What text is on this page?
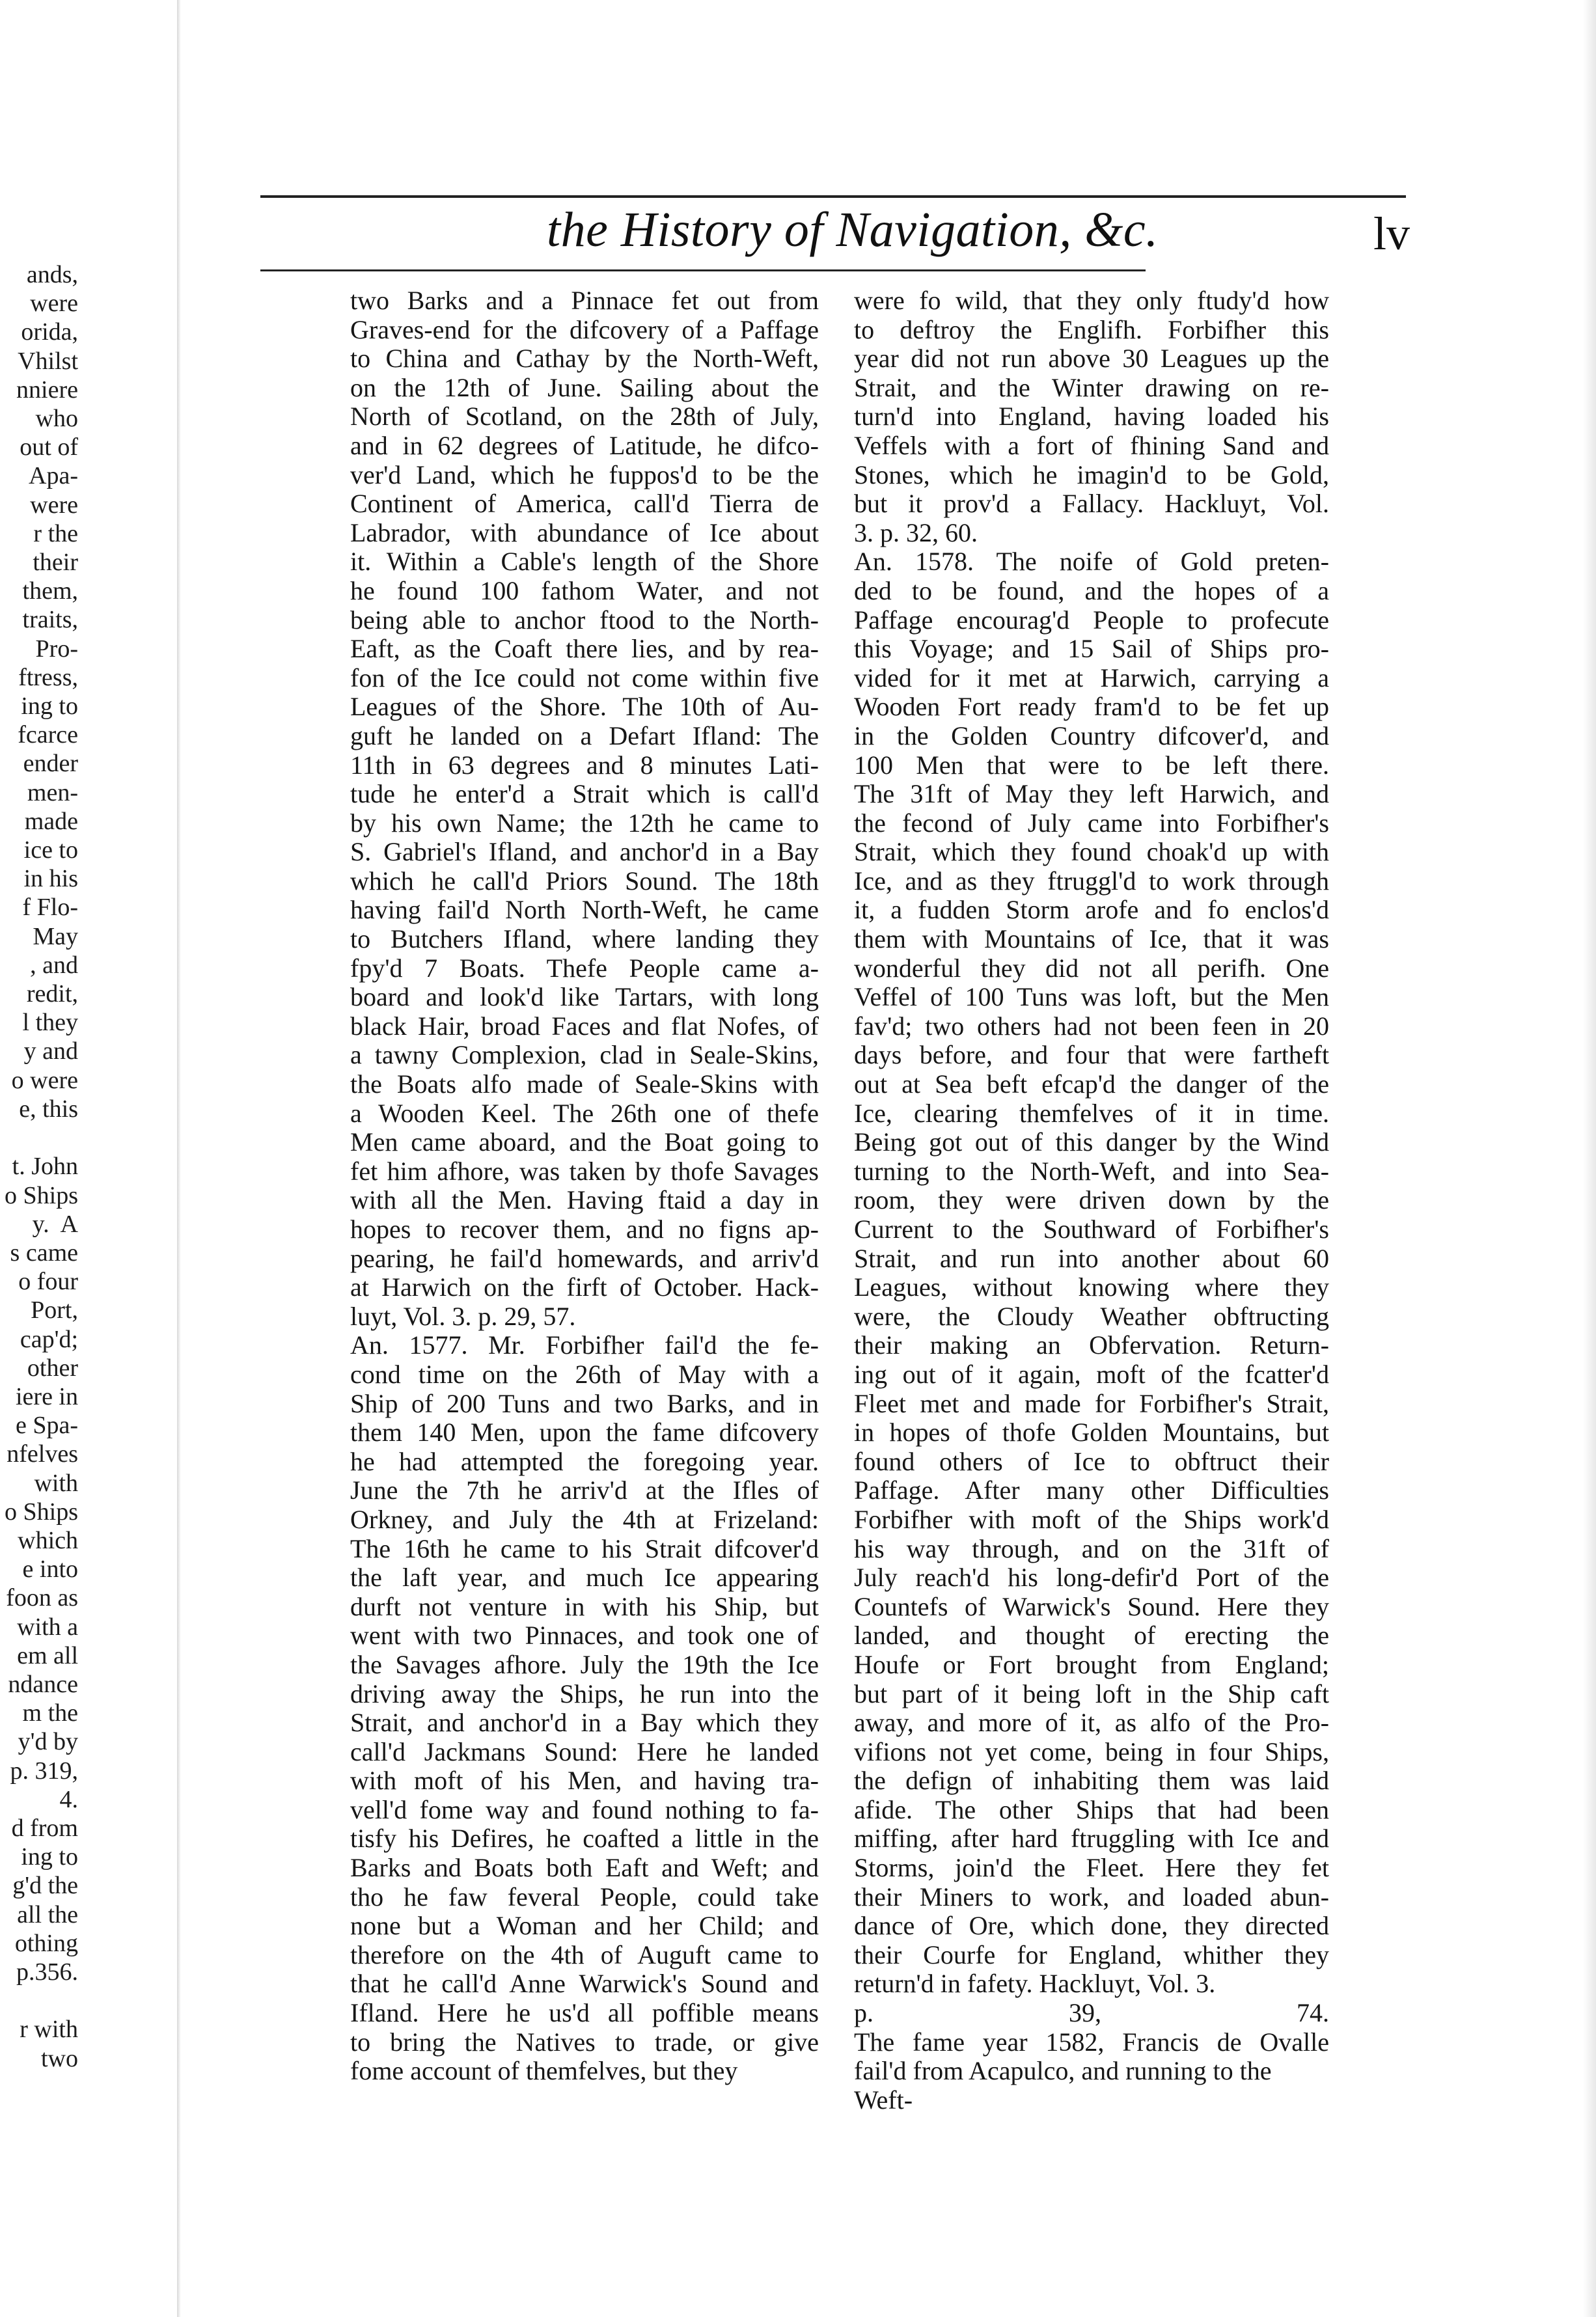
ands,
were
orida,
Vhilst
nniere
who
out of
Apa-
were
r the
their
them,
traits,
Pro-
ftress,
ing to
fcarce
ender
men-
made
ice to
in his
f Flo-
May
, and
redit,
l they
y and
o were
e, this

t. John
o Ships
y.  A
s came
o four
Port,
cap'd;
other
iere in
e Spa-
nfelves
with
o Ships
which
e into
foon as
with a
em all
ndance
m the
y'd by
p. 319,
4.
d from
ing to
g'd the
all the
othing
p.356.

r with
two
the History of Navigation, &c.	lv
two Barks and a Pinnace fet out from
Graves-end for the difcovery of a Paffage
to China and Cathay by the North-Weft,
on the 12th of June. Sailing about the
North of Scotland, on the 28th of July,
and in 62 degrees of Latitude, he difco-
ver'd Land, which he fuppos'd to be the
Continent of America, call'd Tierra de
Labrador, with abundance of Ice about
it. Within a Cable's length of the Shore
he found 100 fathom Water, and not
being able to anchor ftood to the North-
Eaft, as the Coaft there lies, and by rea-
fon of the Ice could not come within five
Leagues of the Shore. The 10th of Au-
guft he landed on a Defart Ifland: The
11th in 63 degrees and 8 minutes Lati-
tude he enter'd a Strait which is call'd
by his own Name; the 12th he came to
S. Gabriel's Ifland, and anchor'd in a Bay
which he call'd Priors Sound. The 18th
having fail'd North North-Weft, he came
to Butchers Ifland, where landing they
fpy'd 7 Boats. Thefe People came a-
board and look'd like Tartars, with long
black Hair, broad Faces and flat Nofes, of
a tawny Complexion, clad in Seale-Skins,
the Boats alfo made of Seale-Skins with
a Wooden Keel. The 26th one of thefe
Men came aboard, and the Boat going to
fet him afhore, was taken by thofe Savages
with all the Men. Having ftaid a day in
hopes to recover them, and no figns ap-
pearing, he fail'd homewards, and arriv'd
at Harwich on the firft of October. Hack-
luyt, Vol. 3. p. 29, 57.
An. 1577. Mr. Forbifher fail'd the fe-
cond time on the 26th of May with a
Ship of 200 Tuns and two Barks, and in
them 140 Men, upon the fame difcovery
he had attempted the foregoing year.
June the 7th he arriv'd at the Ifles of
Orkney, and July the 4th at Frizeland:
The 16th he came to his Strait difcover'd
the laft year, and much Ice appearing
durft not venture in with his Ship, but
went with two Pinnaces, and took one of
the Savages afhore. July the 19th the Ice
driving away the Ships, he run into the
Strait, and anchor'd in a Bay which they
call'd Jackmans Sound: Here he landed
with moft of his Men, and having tra-
vell'd fome way and found nothing to fa-
tisfy his Defires, he coafted a little in the
Barks and Boats both Eaft and Weft; and
tho he faw feveral People, could take
none but a Woman and her Child; and
therefore on the 4th of Auguft came to
that he call'd Anne Warwick's Sound and
Ifland. Here he us'd all poffible means
to bring the Natives to trade, or give
fome account of themfelves, but they
were fo wild, that they only ftudy'd how
to deftroy the Englifh. Forbifher this
year did not run above 30 Leagues up the
Strait, and the Winter drawing on re-
turn'd into England, having loaded his
Veffels with a fort of fhining Sand and
Stones, which he imagin'd to be Gold,
but it prov'd a Fallacy. Hackluyt, Vol.
3. p. 32, 60.
An. 1578. The noife of Gold preten-
ded to be found, and the hopes of a
Paffage encourag'd People to profecute
this Voyage; and 15 Sail of Ships pro-
vided for it met at Harwich, carrying a
Wooden Fort ready fram'd to be fet up
in the Golden Country difcover'd, and
100 Men that were to be left there.
The 31ft of May they left Harwich, and
the fecond of July came into Forbifher's
Strait, which they found choak'd up with
Ice, and as they ftruggl'd to work through
it, a fudden Storm arofe and fo enclos'd
them with Mountains of Ice, that it was
wonderful they did not all perifh. One
Veffel of 100 Tuns was loft, but the Men
fav'd; two others had not been feen in 20
days before, and four that were fartheft
out at Sea beft efcap'd the danger of the
Ice, clearing themfelves of it in time.
Being got out of this danger by the Wind
turning to the North-Weft, and into Sea-
room, they were driven down by the
Current to the Southward of Forbifher's
Strait, and run into another about 60
Leagues, without knowing where they
were, the Cloudy Weather obftructing
their making an Obfervation. Return-
ing out of it again, moft of the fcatter'd
Fleet met and made for Forbifher's Strait,
in hopes of thofe Golden Mountains, but
found others of Ice to obftruct their
Paffage. After many other Difficulties
Forbifher with moft of the Ships work'd
his way through, and on the 31ft of
July reach'd his long-defir'd Port of the
Countefs of Warwick's Sound. Here they
landed, and thought of erecting the
Houfe or Fort brought from England;
but part of it being loft in the Ship caft
away, and more of it, as alfo of the Pro-
vifions not yet come, being in four Ships,
the defign of inhabiting them was laid
afide. The other Ships that had been
miffing, after hard ftruggling with Ice and
Storms, join'd the Fleet. Here they fet
their Miners to work, and loaded abun-
dance of Ore, which done, they directed
their Courfe for England, whither they
return'd in fafety. Hackluyt, Vol. 3.
p. 39, 74.
The fame year 1582, Francis de Ovalle
fail'd from Acapulco, and running to the
Weft-
